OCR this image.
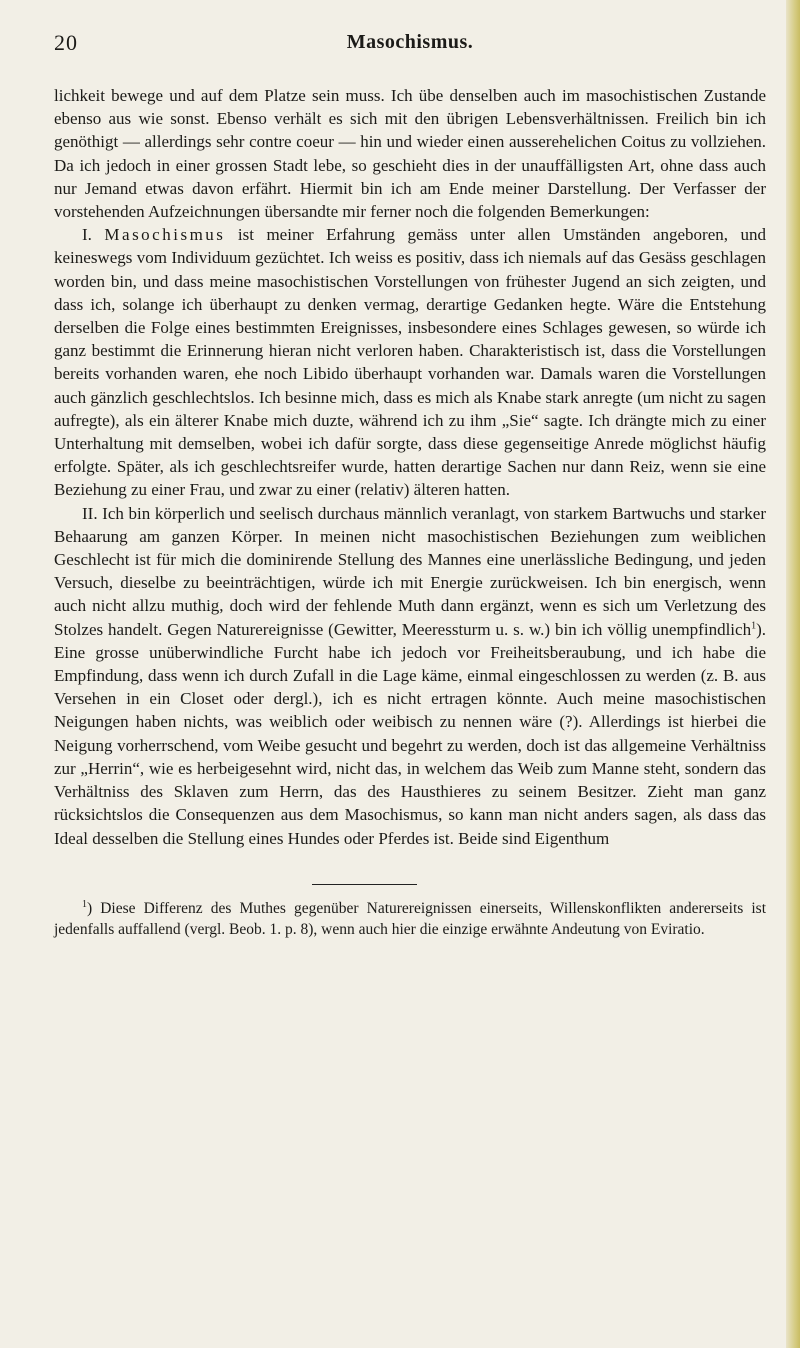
20	Masochismus.

lichkeit bewege und auf dem Platze sein muss. Ich übe denselben auch im masochistischen Zustande ebenso aus wie sonst. Ebenso verhält es sich mit den übrigen Lebensverhältnissen. Freilich bin ich genöthigt — allerdings sehr contre coeur — hin und wieder einen ausserehelichen Coitus zu vollziehen. Da ich jedoch in einer grossen Stadt lebe, so geschieht dies in der unauffälligsten Art, ohne dass auch nur Jemand etwas davon erfährt. Hiermit bin ich am Ende meiner Darstellung. Der Verfasser der vorstehenden Aufzeichnungen übersandte mir ferner noch die folgenden Bemerkungen:

I. Masochismus ist meiner Erfahrung gemäss unter allen Umständen angeboren, und keineswegs vom Individuum gezüchtet. Ich weiss es positiv, dass ich niemals auf das Gesäss geschlagen worden bin, und dass meine masochistischen Vorstellungen von frühester Jugend an sich zeigten, und dass ich, solange ich überhaupt zu denken vermag, derartige Gedanken hegte. Wäre die Entstehung derselben die Folge eines bestimmten Ereignisses, insbesondere eines Schlages gewesen, so würde ich ganz bestimmt die Erinnerung hieran nicht verloren haben. Charakteristisch ist, dass die Vorstellungen bereits vorhanden waren, ehe noch Libido überhaupt vorhanden war. Damals waren die Vorstellungen auch gänzlich geschlechtslos. Ich besinne mich, dass es mich als Knabe stark anregte (um nicht zu sagen aufregte), als ein älterer Knabe mich duzte, während ich zu ihm „Sie“ sagte. Ich drängte mich zu einer Unterhaltung mit demselben, wobei ich dafür sorgte, dass diese gegenseitige Anrede möglichst häufig erfolgte. Später, als ich geschlechtsreifer wurde, hatten derartige Sachen nur dann Reiz, wenn sie eine Beziehung zu einer Frau, und zwar zu einer (relativ) älteren hatten.

II. Ich bin körperlich und seelisch durchaus männlich veranlagt, von starkem Bartwuchs und starker Behaarung am ganzen Körper. In meinen nicht masochistischen Beziehungen zum weiblichen Geschlecht ist für mich die dominirende Stellung des Mannes eine unerlässliche Bedingung, und jeden Versuch, dieselbe zu beeinträchtigen, würde ich mit Energie zurückweisen. Ich bin energisch, wenn auch nicht allzu muthig, doch wird der fehlende Muth dann ergänzt, wenn es sich um Verletzung des Stolzes handelt. Gegen Naturereignisse (Gewitter, Meeressturm u. s. w.) bin ich völlig unempfindlich$^1$). Eine grosse unüberwindliche Furcht habe ich jedoch vor Freiheitsberaubung, und ich habe die Empfindung, dass wenn ich durch Zufall in die Lage käme, einmal eingeschlossen zu werden (z. B. aus Versehen in ein Closet oder dergl.), ich es nicht ertragen könnte. Auch meine masochistischen Neigungen haben nichts, was weiblich oder weibisch zu nennen wäre (?). Allerdings ist hierbei die Neigung vorherrschend, vom Weibe gesucht und begehrt zu werden, doch ist das allgemeine Verhältniss zur „Herrin“, wie es herbeigesehnt wird, nicht das, in welchem das Weib zum Manne steht, sondern das Verhältniss des Sklaven zum Herrn, das des Hausthieres zu seinem Besitzer. Zieht man ganz rücksichtslos die Consequenzen aus dem Masochismus, so kann man nicht anders sagen, als dass das Ideal desselben die Stellung eines Hundes oder Pferdes ist. Beide sind Eigenthum

$^1$) Diese Differenz des Muthes gegenüber Naturereignissen einerseits, Willenskonflikten andererseits ist jedenfalls auffallend (vergl. Beob. 1. p. 8), wenn auch hier die einzige erwähnte Andeutung von Eviratio.
